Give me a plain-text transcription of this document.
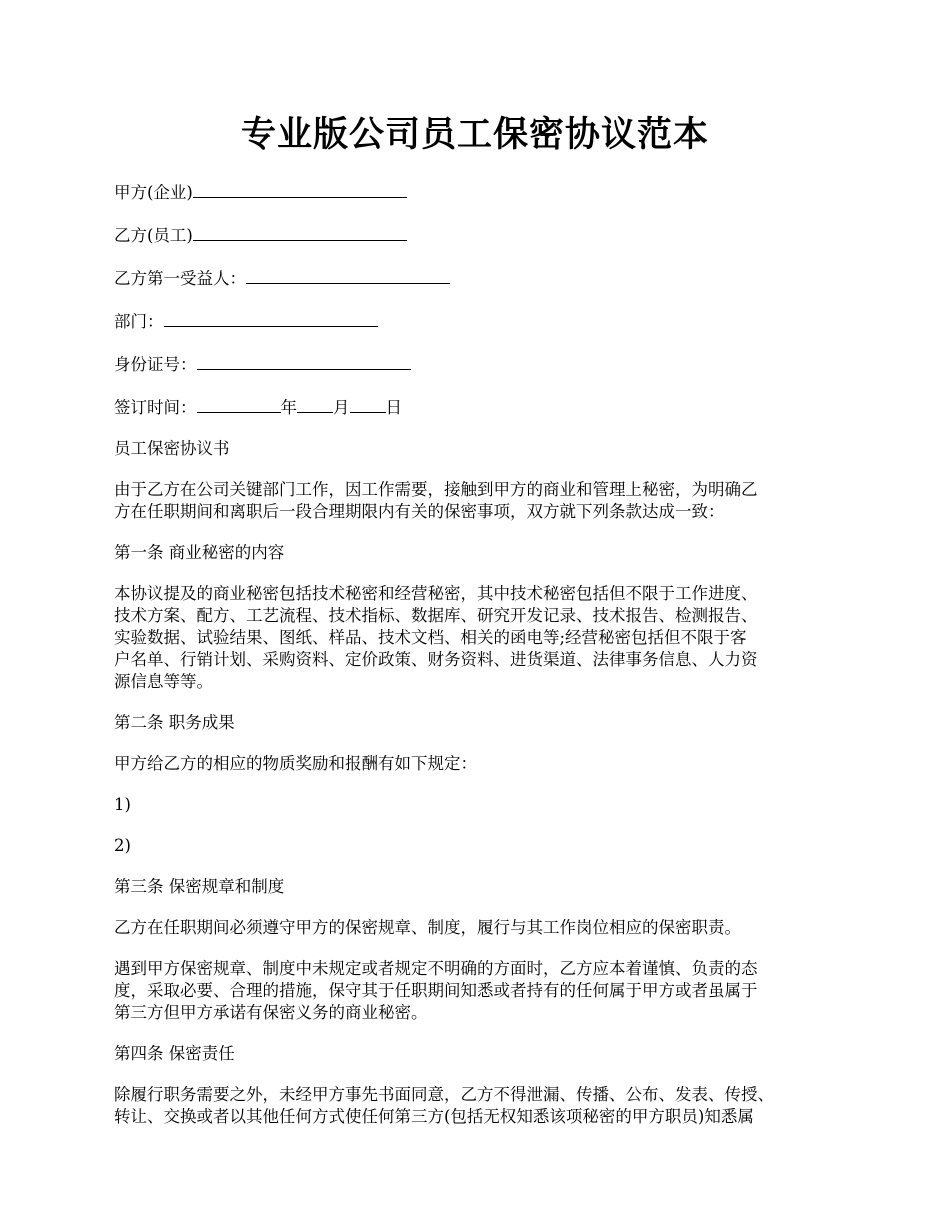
专业版公司员工保密协议范本
甲方(企业)
乙方(员工)
乙方第一受益人：
部门：
身份证号：
签订时间：	年 月 日
员工保密协议书
由于乙方在公司关键部门工作，因工作需要，接触到甲方的商业和管理上秘密，为明确乙
方在任职期间和离职后一段合理期限内有关的保密事项，双方就下列条款达成一致：
第一条 商业秘密的内容
本协议提及的商业秘密包括技术秘密和经营秘密，其中技术秘密包括但不限于工作进度、
技术方案、配方、工艺流程、技术指标、数据库、研究开发记录、技术报告、检测报告、
实验数据、试验结果、图纸、样品、技术文档、相关的函电等;经营秘密包括但不限于客
户名单、行销计划、采购资料、定价政策、财务资料、进货渠道、法律事务信息、人力资
源信息等等。
第二条 职务成果
甲方给乙方的相应的物质奖励和报酬有如下规定：
1)
2)
第三条 保密规章和制度
乙方在任职期间必须遵守甲方的保密规章、制度，履行与其工作岗位相应的保密职责。
遇到甲方保密规章、制度中未规定或者规定不明确的方面时，乙方应本着谨慎、负责的态
度，采取必要、合理的措施，保守其于任职期间知悉或者持有的任何属于甲方或者虽属于
第三方但甲方承诺有保密义务的商业秘密。
第四条 保密责任
除履行职务需要之外，未经甲方事先书面同意，乙方不得泄漏、传播、公布、发表、传授、
转让、交换或者以其他任何方式使任何第三方(包括无权知悉该项秘密的甲方职员)知悉属
